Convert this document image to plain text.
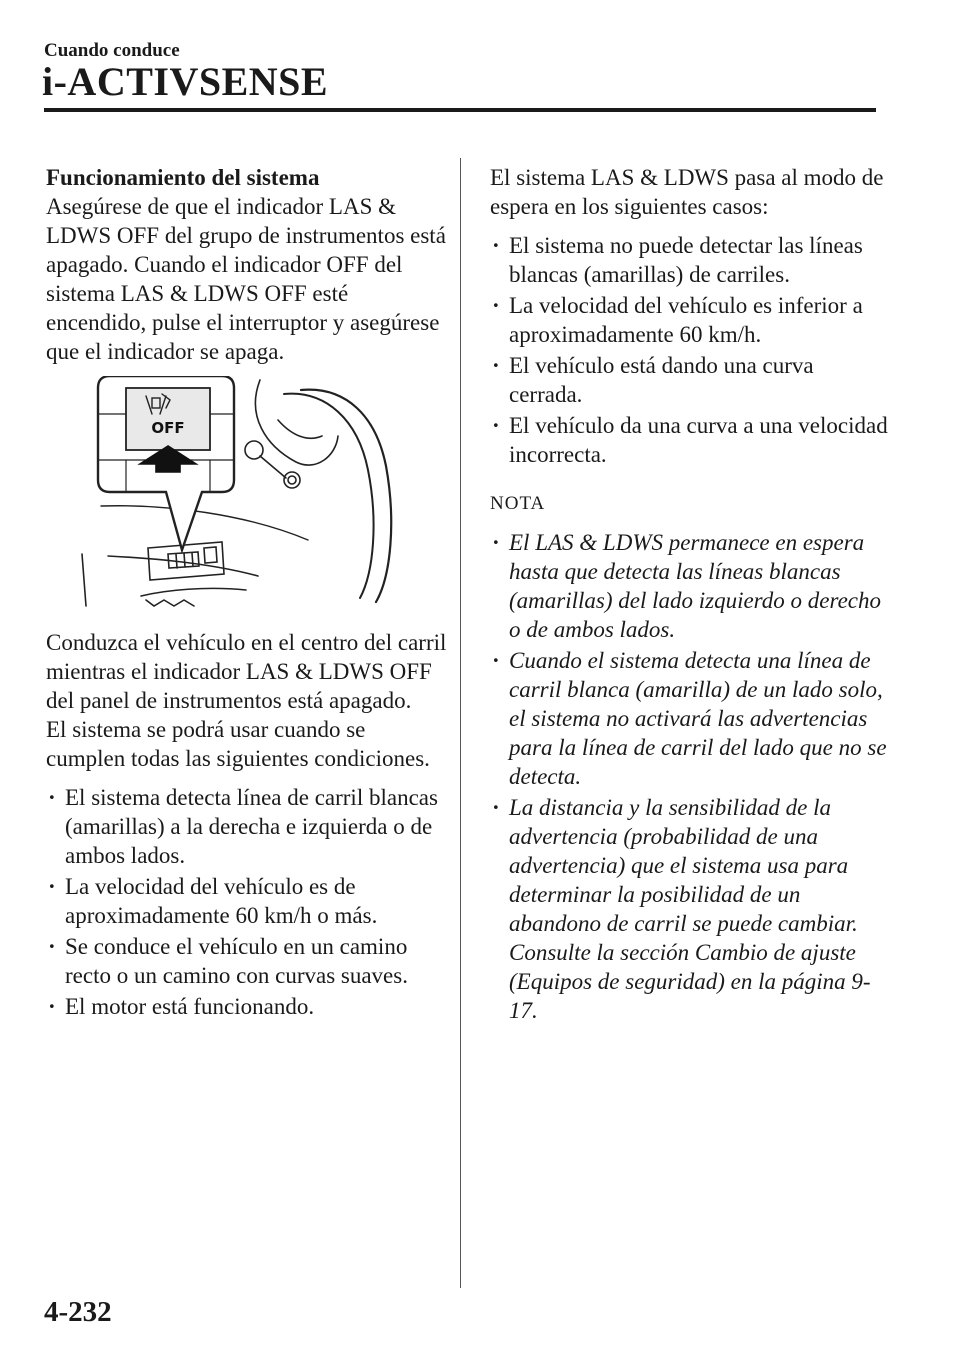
Cuando conduce
i-ACTIVSENSE

Funcionamiento del sistema

Asegúrese de que el indicador LAS & LDWS OFF del grupo de instrumentos está apagado. Cuando el indicador OFF del sistema LAS & LDWS OFF esté encendido, pulse el interruptor y asegúrese que el indicador se apaga.

Conduzca el vehículo en el centro del carril mientras el indicador LAS & LDWS OFF del panel de instrumentos está apagado.

El sistema se podrá usar cuando se cumplen todas las siguientes condiciones.

· El sistema detecta línea de carril blancas (amarillas) a la derecha e izquierda o de ambos lados.
· La velocidad del vehículo es de aproximadamente 60 km/h o más.
· Se conduce el vehículo en un camino recto o un camino con curvas suaves.
· El motor está funcionando.

El sistema LAS & LDWS pasa al modo de espera en los siguientes casos:

· El sistema no puede detectar las líneas blancas (amarillas) de carriles.
· La velocidad del vehículo es inferior a aproximadamente 60 km/h.
· El vehículo está dando una curva cerrada.
· El vehículo da una curva a una velocidad incorrecta.

NOTA

· El LAS & LDWS permanece en espera hasta que detecta las líneas blancas (amarillas) del lado izquierdo o derecho o de ambos lados.
· Cuando el sistema detecta una línea de carril blanca (amarilla) de un lado solo, el sistema no activará las advertencias para la línea de carril del lado que no se detecta.
· La distancia y la sensibilidad de la advertencia (probabilidad de una advertencia) que el sistema usa para determinar la posibilidad de un abandono de carril se puede cambiar. Consulte la sección Cambio de ajuste (Equipos de seguridad) en la página 9-17.
4-232
